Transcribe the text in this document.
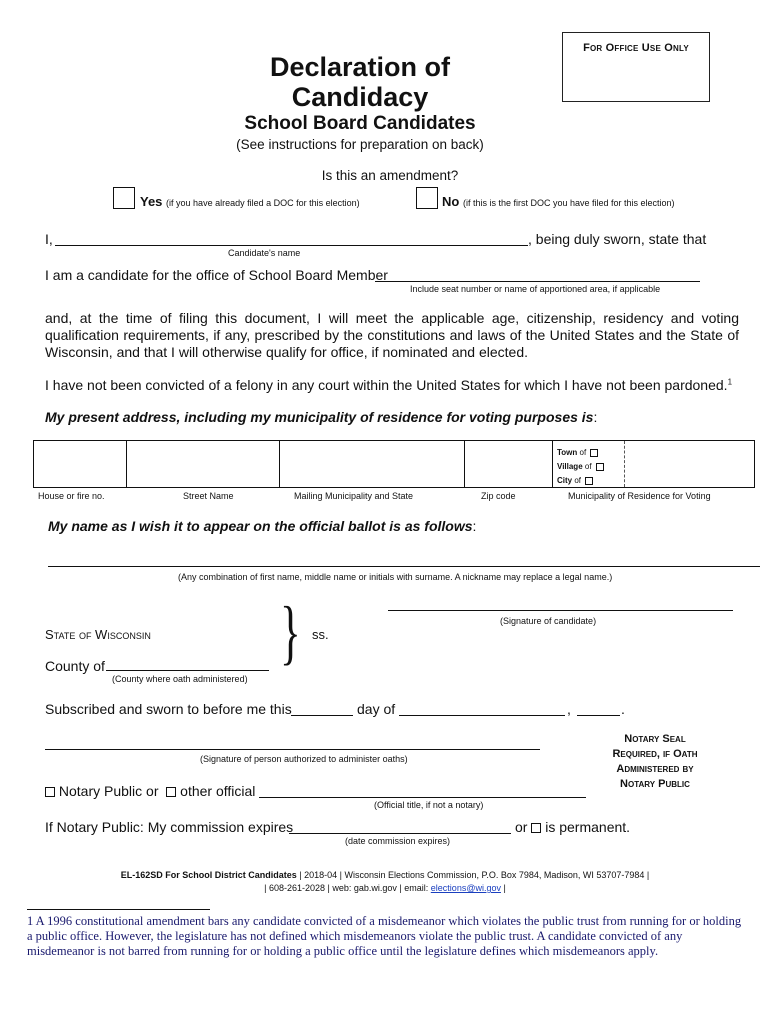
For Office Use Only
Declaration of
Candidacy
School Board Candidates
(See instructions for preparation on back)
Is this an amendment?
Yes (if you have already filed a DOC for this election)	No (if this is the first DOC you have filed for this election)
I,	, being duly sworn, state that
Candidate's name
I am a candidate for the office of School Board Member
Include seat number or name of apportioned area, if applicable
and, at the time of filing this document, I will meet the applicable age, citizenship, residency and voting qualification requirements, if any, prescribed by the constitutions and laws of the United States and the State of Wisconsin, and that I will otherwise qualify for office, if nominated and elected.
I have not been convicted of a felony in any court within the United States for which I have not been pardoned.$^1$
My present address, including my municipality of residence for voting purposes is:
Town of
Village of
City of
House or fire no.	Street Name	Mailing Municipality and State	Zip code	Municipality of Residence for Voting
My name as I wish it to appear on the official ballot is as follows:
(Any combination of first name, middle name or initials with surname. A nickname may replace a legal name.)
(Signature of candidate)
State of Wisconsin } ss.
County of
(County where oath administered)
Subscribed and sworn to before me this	day of	,	.
(Signature of person authorized to administer oaths)
Notary Seal
Required, if Oath
Administered by
Notary Public
Notary Public or other official
(Official title, if not a notary)
If Notary Public: My commission expires	or is permanent.
(date commission expires)
EL-162SD For School District Candidates | 2018-04 | Wisconsin Elections Commission, P.O. Box 7984, Madison, WI 53707-7984 |
| 608-261-2028 | web: gab.wi.gov | email: elections@wi.gov |
1 A 1996 constitutional amendment bars any candidate convicted of a misdemeanor which violates the public trust from running for or holding a public office. However, the legislature has not defined which misdemeanors violate the public trust. A candidate convicted of any misdemeanor is not barred from running for or holding a public office until the legislature defines which misdemeanors apply.
